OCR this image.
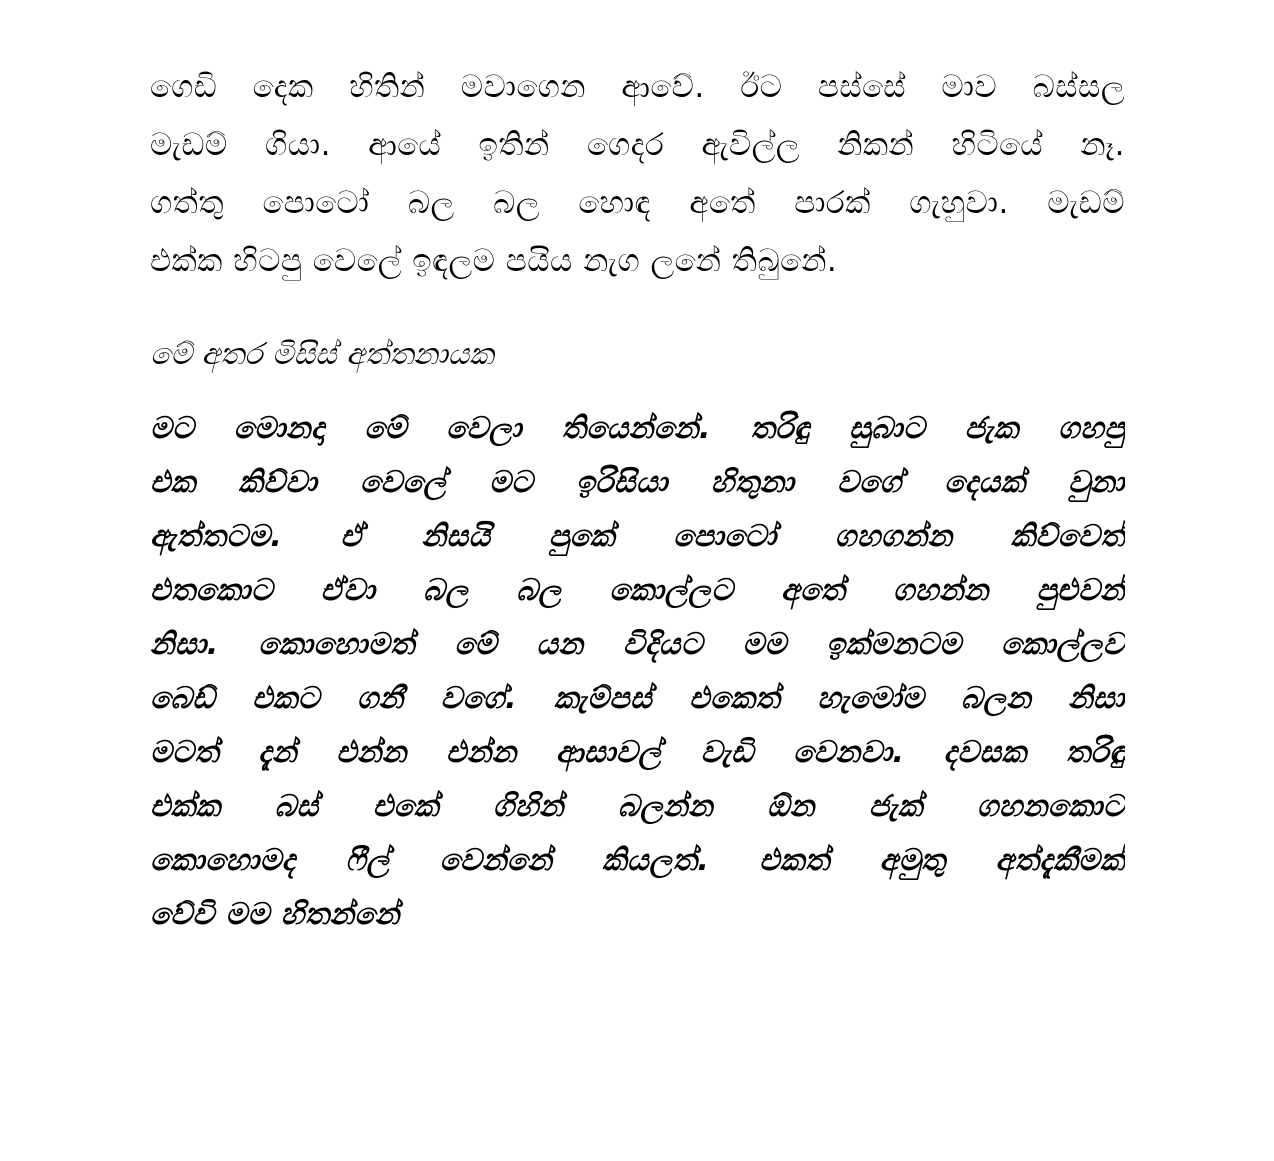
ගෙඩි දෙක හිතින් මවාගෙන ආවේ. ඊට පස්සේ මාව බස්සල
මැඩම් ගියා. ආයේ ඉතින් ගෙදර ඇවිල්ල නිකන් හිටියේ නෑ.
ගත්තු පොටෝ බල බල හොඳ අතේ පාරක් ගැහුවා. මැඩම්
එක්ක හිටපු වෙලේ ඉඳලම පයිය නැග ලනේ තිබුනේ.

මේ අතර මිසිස් අත්තනායක

මට මොනදා මේ වෙලා තියෙන්නේ. තරිඳු සුබාට ජැක ගහපු
එක කිව්වා වෙලේ මට ඉරිසියා හිතුනා වගේ දෙයක් වුනා
ඇත්තටම. ඒ නිසයි පුකේ පොටෝ ගහගන්න කිව්වෙත්
එතකොට ඒවා බල බල කොල්ලට අතේ ගහන්න පුළුවන්
නිසා. කොහොමත් මේ යන විදියට මම ඉක්මනටම කොල්ලව
බෙඩ් එකට ගනී වගේ. කැම්පස් එකෙත් හැමෝම බලන නිසා
මටත් දැන් එන්න එන්න ආසාවල් වැඩි වෙනවා. දවසක තරිඳු
එක්ක බස් එකේ ගිහින් බලන්න ඕන ජැක් ගහනකොට
කොහොමද ෆීල් වෙන්නේ කියලත්. එකත් අමුතු අත්දැකීමක්
වේවි මම හිතන්නේ
